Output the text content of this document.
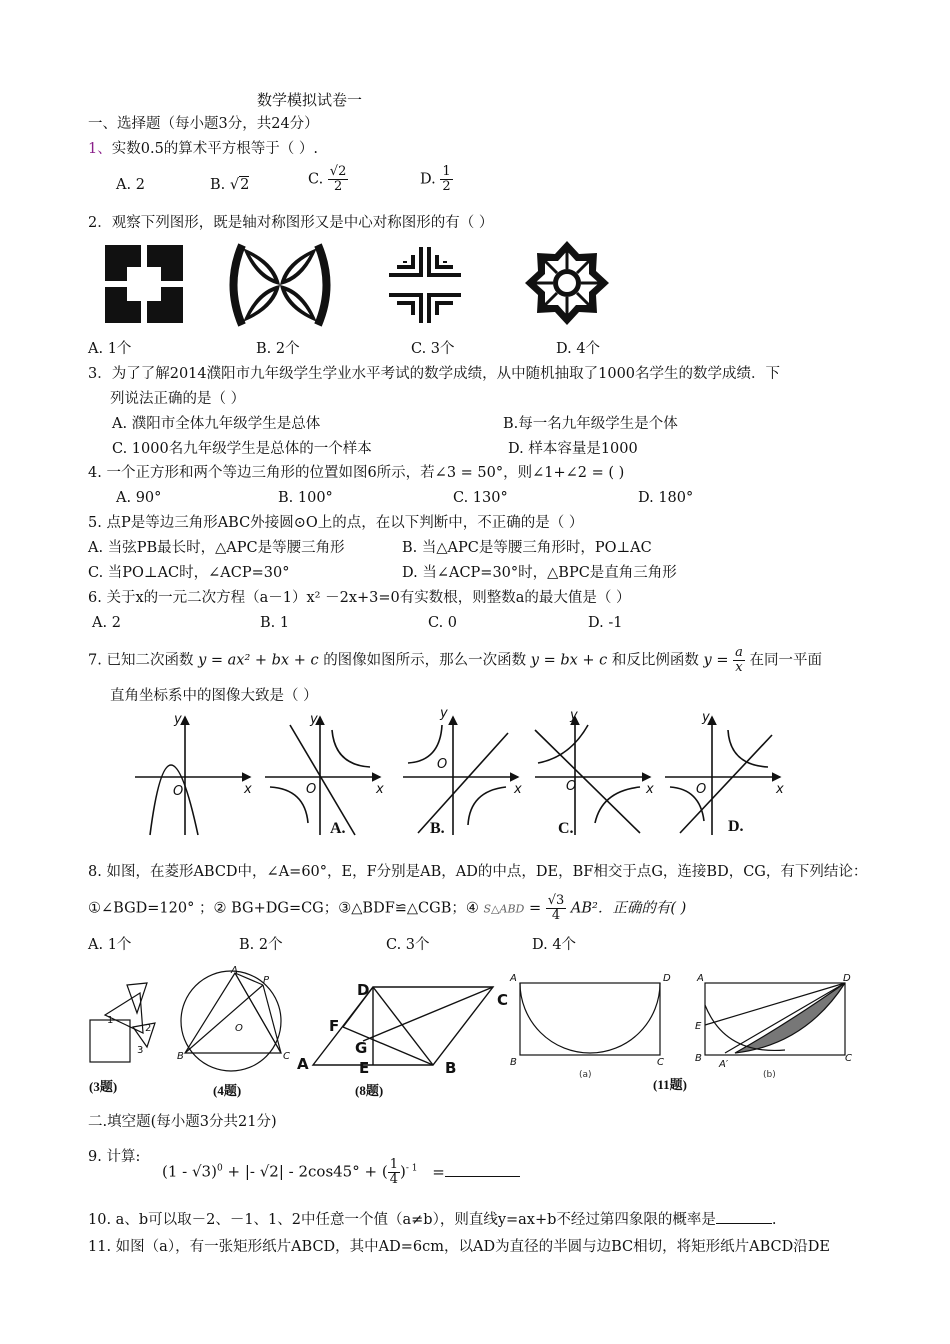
数学模拟试卷一
一、选择题（每小题3分，共24分）
1、实数0.5的算术平方根等于（ ）.
A. 2	B. √2	C. $\frac{√2}{2}$	D. $\frac{1}{2}$
2．观察下列图形，既是轴对称图形又是中心对称图形的有（ ）
A. 1个	B. 2个	C. 3个	D. 4个
3．为了了解2014濮阳市九年级学生学业水平考试的数学成绩，从中随机抽取了1000名学生的数学成绩．下
列说法正确的是（ ）
A. 濮阳市全体九年级学生是总体	B.每一名九年级学生是个体
C. 1000名九年级学生是总体的一个样本	D. 样本容量是1000
4. 一个正方形和两个等边三角形的位置如图6所示，若∠3 = 50°，则∠1+∠2 = ( )
A. 90°	B. 100°	C. 130°	D. 180°
5. 点P是等边三角形ABC外接圆⊙O上的点，在以下判断中，不正确的是（ ）
A. 当弦PB最长时，△APC是等腰三角形	B. 当△APC是等腰三角形时，PO⊥AC
C. 当PO⊥AC时，∠ACP=30°	D. 当∠ACP=30°时，△BPC是直角三角形
6. 关于x的一元二次方程（a－1）x² －2x+3=0有实数根，则整数a的最大值是（ ）
A. 2	B. 1	C. 0	D. -1
7. 已知二次函数 y = ax² + bx + c 的图像如图所示，那么一次函数 y = bx + c 和反比例函数 $y = \frac{a}{x}$ 在同一平面
直角坐标系中的图像大致是（ ）
y
x
O
y
x
O
y
x
O
y
x
O
y
x
O
A.	B.	C.	D.
8. 如图，在菱形ABCD中，∠A=60°，E，F分别是AB，AD的中点，DE，BF相交于点G，连接BD，CG，有下列结论：
①∠BGD=120° ；② BG+DG=CG；③△BDF≌△CGB；④ S△ABD = $\frac{√3}{4} AB^2$．正确的有( )
A. 1个	B. 2个	C. 3个	D. 4个
1
2
3
A
P
B	C
O
A	D
B	C
A	D
E
B
A′
C
D
C
F
G
A	E	B
(3题)	(4题)	(8题)	(11题)
(a)	(b)
二.填空题(每小题3分共21分)
9. 计算:
(1 - √3)$^0$ + |- √2| - 2cos45° + ( $\frac{1}{4} )^{- 1}$ =
10. a、b可以取－2、－1、1、2中任意一个值（a≠b），则直线y=ax+b不经过第四象限的概率是	.
11. 如图（a），有一张矩形纸片ABCD，其中AD=6cm，以AD为直径的半圆与边BC相切，将矩形纸片ABCD沿DE
